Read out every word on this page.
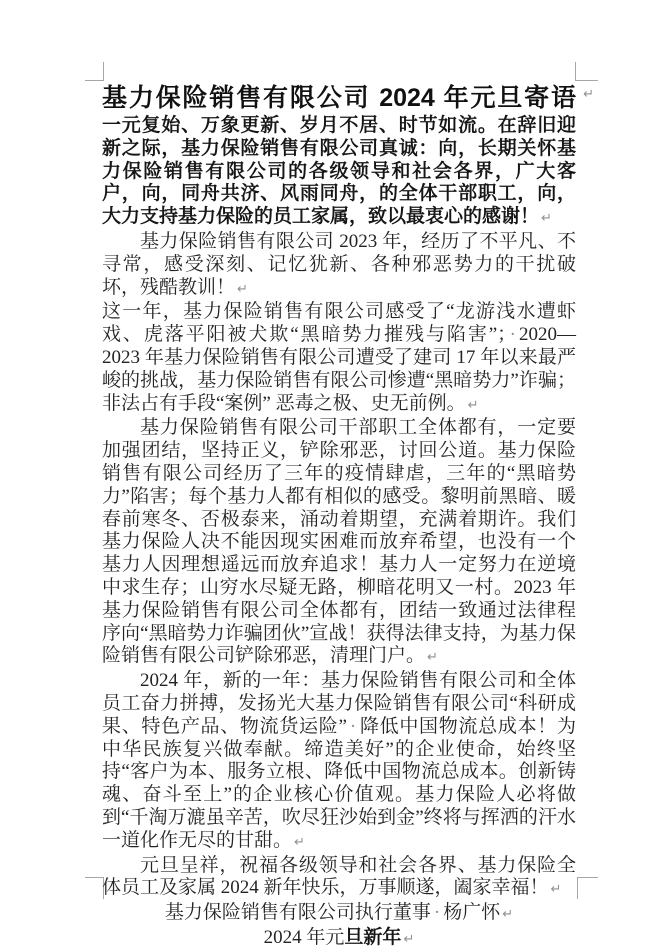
基力保险销售有限公司 2024 年元旦寄语 ↵
一元复始、万象更新、岁月不居、时节如流。在辞旧迎新之际，基力保险销售有限公司真诚：向，长期关怀基力保险销售有限公司的各级领导和社会各界，广大客户，向，同舟共济、风雨同舟，的全体干部职工，向，大力支持基力保险的员工家属，致以最衷心的感谢！ ↵
基力保险销售有限公司 2023 年，经历了不平凡、不寻常，感受深刻、记忆犹新、各种邪恶势力的干扰破坏，残酷教训！ ↵
这一年，基力保险销售有限公司感受了“龙游浅水遭虾戏、虎落平阳被犬欺“黑暗势力摧残与陷害”； · 2020—2023 年基力保险销售有限公司遭受了建司 17 年以来最严峻的挑战，基力保险销售有限公司惨遭“黑暗势力”诈骗；非法占有手段“案例” 恶毒之极、史无前例。 ↵
基力保险销售有限公司干部职工全体都有，一定要加强团结，坚持正义，铲除邪恶，讨回公道。基力保险销售有限公司经历了三年的疫情肆虐，三年的“黑暗势力”陷害；每个基力人都有相似的感受。黎明前黑暗、暖春前寒冬、否极泰来，涌动着期望，充满着期许。我们基力保险人决不能因现实困难而放弃希望，也没有一个基力人因理想遥远而放弃追求！基力人一定努力在逆境中求生存；山穷水尽疑无路，柳暗花明又一村。2023 年基力保险销售有限公司全体都有，团结一致通过法律程序向“黑暗势力诈骗团伙”宣战！获得法律支持，为基力保险销售有限公司铲除邪恶，清理门户。 ↵
2024 年，新的一年：基力保险销售有限公司和全体员工奋力拼搏，发扬光大基力保险销售有限公司“科研成果、特色产品、物流货运险” · 降低中国物流总成本！为中华民族复兴做奉献。缔造美好”的企业使命，始终坚持“客户为本、服务立根、降低中国物流总成本。创新铸魂、奋斗至上”的企业核心价值观。基力保险人必将做到“千淘万漉虽辛苦，吹尽狂沙始到金”终将与挥洒的汗水一道化作无尽的甘甜。 ↵
元旦呈祥，祝福各级领导和社会各界、基力保险全体员工及家属 2024 新年快乐，万事顺遂，阖家幸福！ ↵
基力保险销售有限公司执行董事 · 杨广怀 ↵
2024 年元旦新年 ↵
